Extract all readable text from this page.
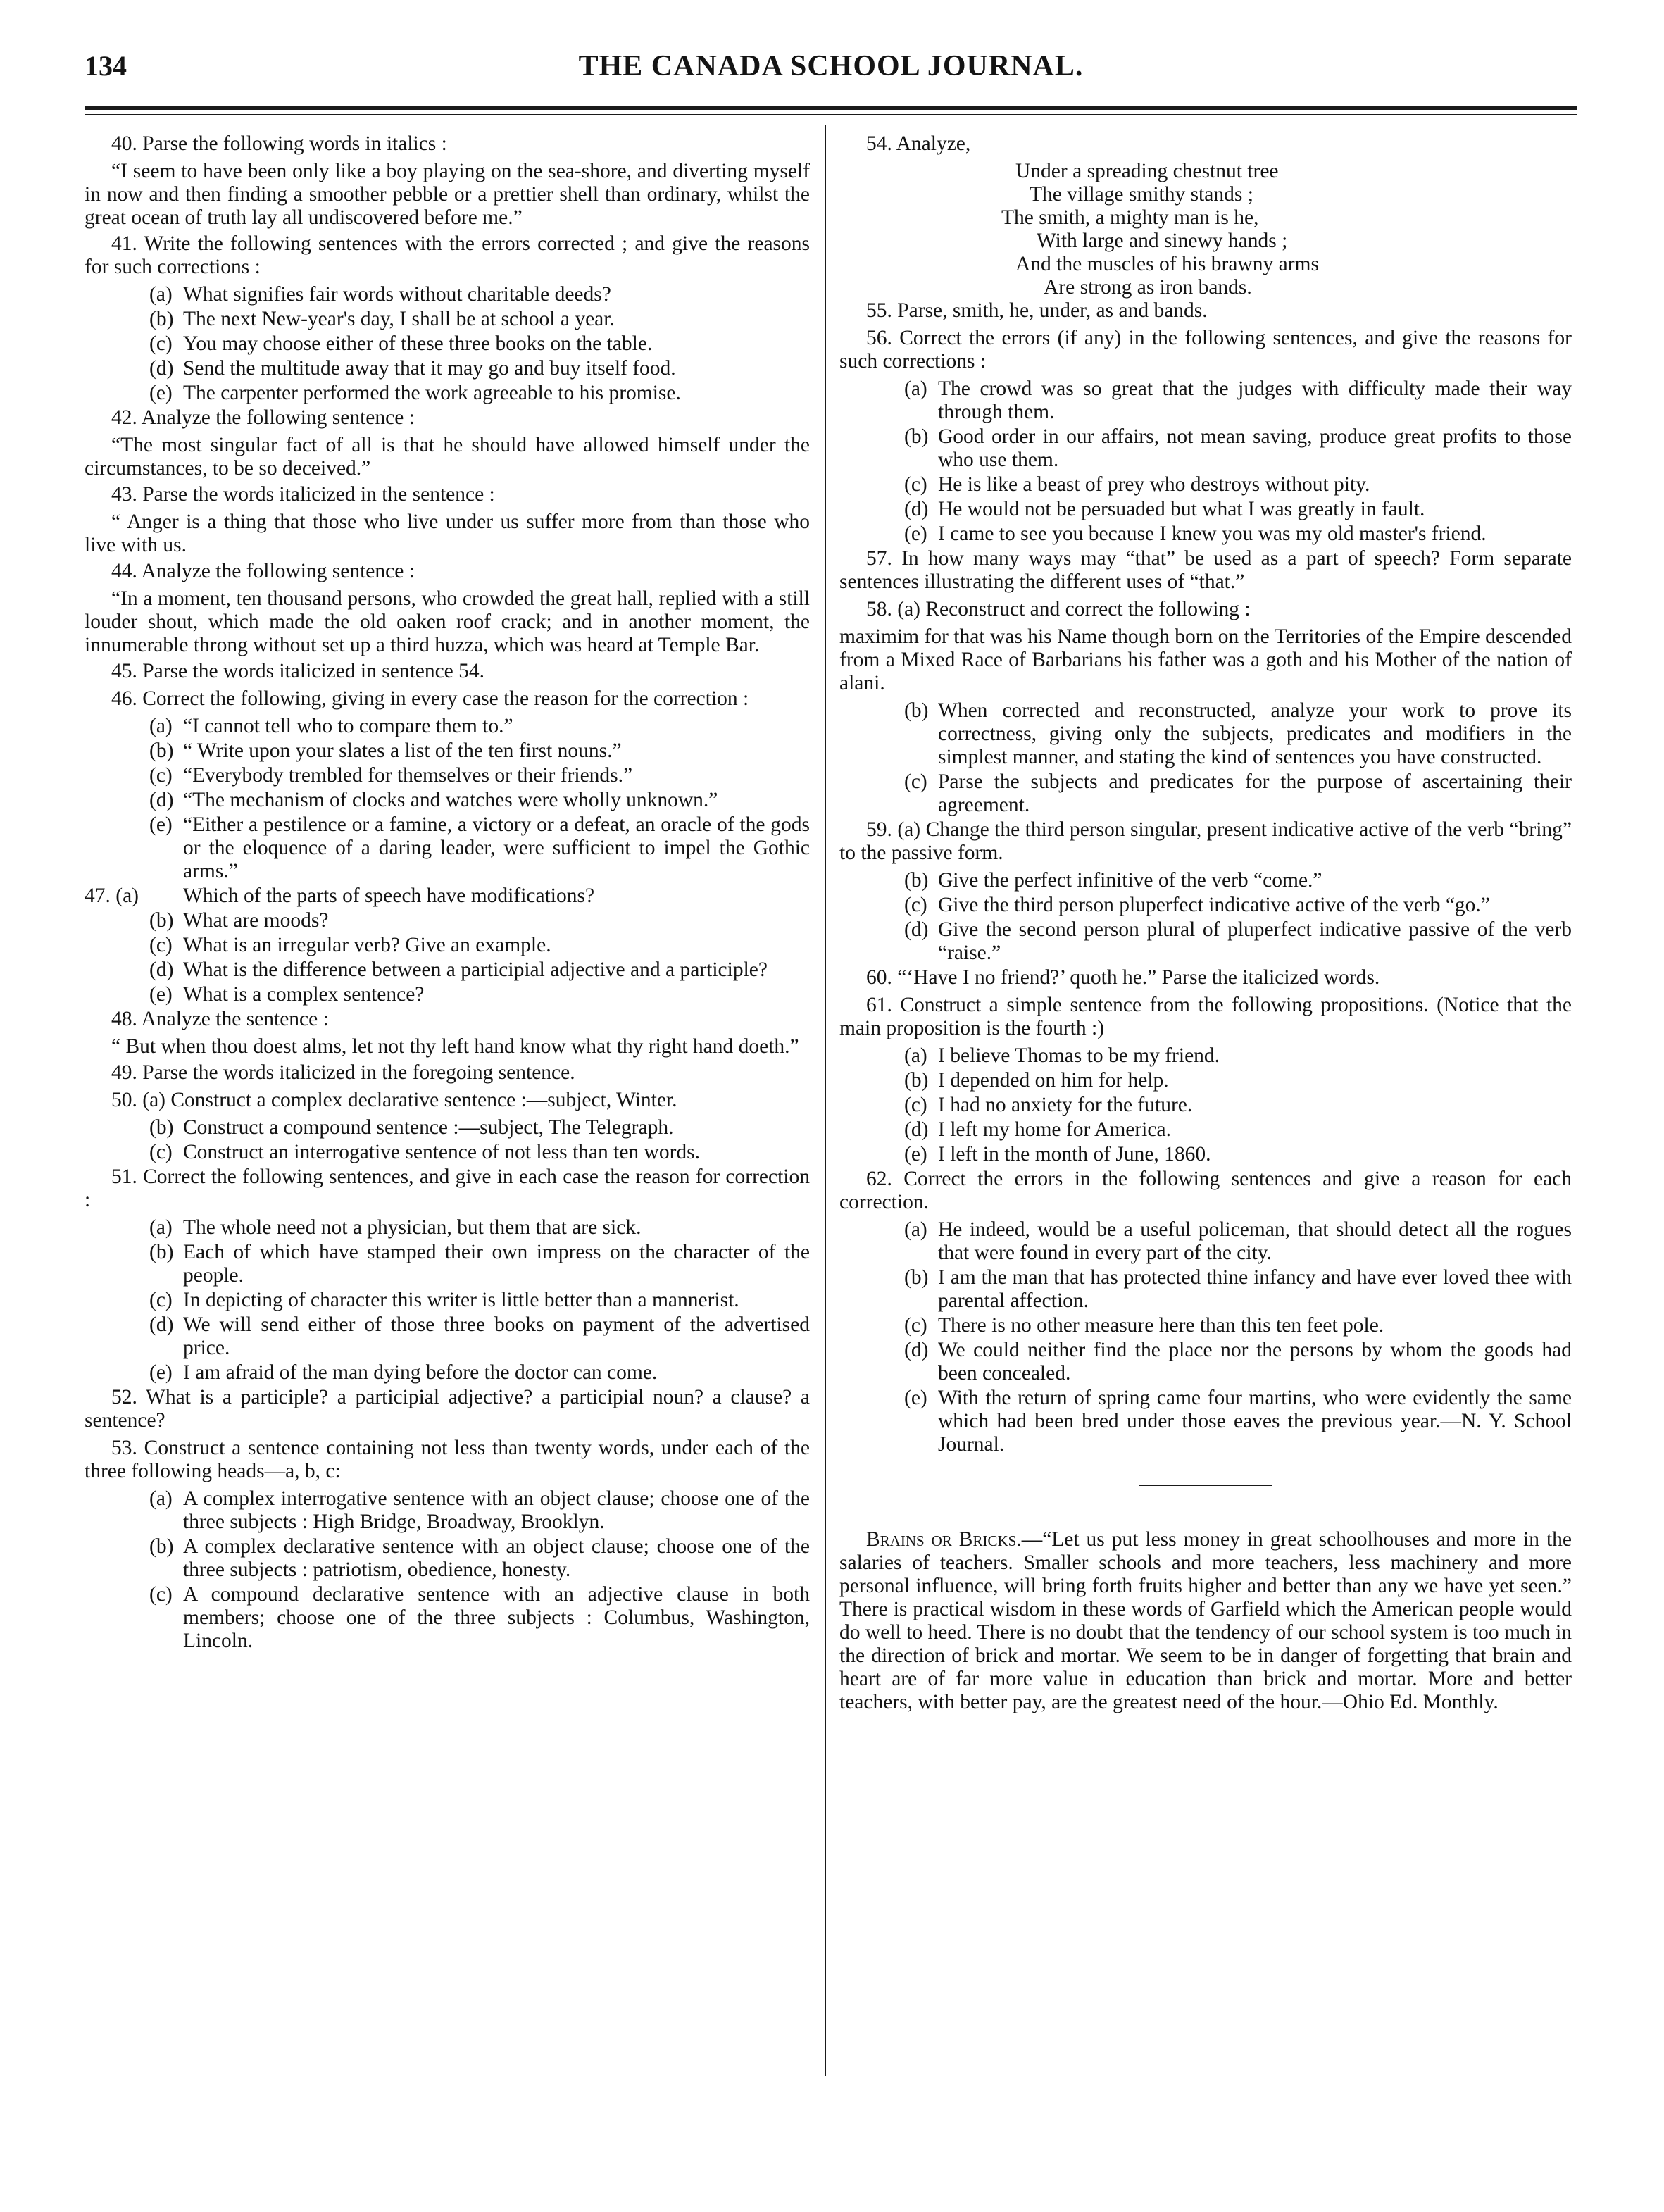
134	THE CANADA SCHOOL JOURNAL.

40. Parse the following words in italics :

“I seem to have been only like a boy playing on the sea-shore, and diverting myself in now and then finding a smoother pebble or a prettier shell than ordinary, whilst the great ocean of truth lay all undiscovered before me.”

41. Write the following sentences with the errors corrected ; and give the reasons for such corrections :

(a) What signifies fair words without charitable deeds?
(b) The next New-year's day, I shall be at school a year.
(c) You may choose either of these three books on the table.
(d) Send the multitude away that it may go and buy itself food.
(e) The carpenter performed the work agreeable to his promise.

42. Analyze the following sentence :

“The most singular fact of all is that he should have allowed himself under the circumstances, to be so deceived.”

43. Parse the words italicized in the sentence :

“ Anger is a thing that those who live under us suffer more from than those who live with us.

44. Analyze the following sentence :

“In a moment, ten thousand persons, who crowded the great hall, replied with a still louder shout, which made the old oaken roof crack; and in another moment, the innumerable throng without set up a third huzza, which was heard at Temple Bar.

45. Parse the words italicized in sentence 54.

46. Correct the following, giving in every case the reason for the correction :

(a) “I cannot tell who to compare them to.”
(b) “ Write upon your slates a list of the ten first nouns.”
(c) “Everybody trembled for themselves or their friends.”
(d) “The mechanism of clocks and watches were wholly unknown.”
(e) “Either a pestilence or a famine, a victory or a defeat, an oracle of the gods or the eloquence of a daring leader, were sufficient to impel the Gothic arms.”
47. (a) Which of the parts of speech have modifications?
(b) What are moods?
(c) What is an irregular verb? Give an example.
(d) What is the difference between a participial adjective and a participle?
(e) What is a complex sentence?

48. Analyze the sentence :

“ But when thou doest alms, let not thy left hand know what thy right hand doeth.”

49. Parse the words italicized in the foregoing sentence.

50. (a) Construct a complex declarative sentence :—subject, Winter.

(b) Construct a compound sentence :—subject, The Telegraph.
(c) Construct an interrogative sentence of not less than ten words.

51. Correct the following sentences, and give in each case the reason for correction :

(a) The whole need not a physician, but them that are sick.
(b) Each of which have stamped their own impress on the character of the people.
(c) In depicting of character this writer is little better than a mannerist.
(d) We will send either of those three books on payment of the advertised price.
(e) I am afraid of the man dying before the doctor can come.

52. What is a participle? a participial adjective? a participial noun? a clause? a sentence?

53. Construct a sentence containing not less than twenty words, under each of the three following heads—a, b, c:

(a) A complex interrogative sentence with an object clause; choose one of the three subjects : High Bridge, Broadway, Brooklyn.
(b) A complex declarative sentence with an object clause; choose one of the three subjects : patriotism, obedience, honesty.
(c) A compound declarative sentence with an adjective clause in both members; choose one of the three subjects : Columbus, Washington, Lincoln.

54. Analyze,

Under a spreading chestnut tree
The village smithy stands ;
The smith, a mighty man is he,
With large and sinewy hands ;
And the muscles of his brawny arms
Are strong as iron bands.

55. Parse, smith, he, under, as and bands.

56. Correct the errors (if any) in the following sentences, and give the reasons for such corrections :

(a) The crowd was so great that the judges with difficulty made their way through them.
(b) Good order in our affairs, not mean saving, produce great profits to those who use them.
(c) He is like a beast of prey who destroys without pity.
(d) He would not be persuaded but what I was greatly in fault.
(e) I came to see you because I knew you was my old master's friend.

57. In how many ways may “that” be used as a part of speech? Form separate sentences illustrating the different uses of “that.”

58. (a) Reconstruct and correct the following :

maximim for that was his Name though born on the Territories of the Empire descended from a Mixed Race of Barbarians his father was a goth and his Mother of the nation of alani.

(b) When corrected and reconstructed, analyze your work to prove its correctness, giving only the subjects, predicates and modifiers in the simplest manner, and stating the kind of sentences you have constructed.
(c) Parse the subjects and predicates for the purpose of ascertaining their agreement.

59. (a) Change the third person singular, present indicative active of the verb “bring” to the passive form.

(b) Give the perfect infinitive of the verb “come.”
(c) Give the third person pluperfect indicative active of the verb “go.”
(d) Give the second person plural of pluperfect indicative passive of the verb “raise.”

60. “‘Have I no friend?’ quoth he.” Parse the italicized words.

61. Construct a simple sentence from the following propositions. (Notice that the main proposition is the fourth :)

(a) I believe Thomas to be my friend.
(b) I depended on him for help.
(c) I had no anxiety for the future.
(d) I left my home for America.
(e) I left in the month of June, 1860.

62. Correct the errors in the following sentences and give a reason for each correction.

(a) He indeed, would be a useful policeman, that should detect all the rogues that were found in every part of the city.
(b) I am the man that has protected thine infancy and have ever loved thee with parental affection.
(c) There is no other measure here than this ten feet pole.
(d) We could neither find the place nor the persons by whom the goods had been concealed.
(e) With the return of spring came four martins, who were evidently the same which had been bred under those eaves the previous year.—N. Y. School Journal.

Brains or Bricks.—“Let us put less money in great schoolhouses and more in the salaries of teachers. Smaller schools and more teachers, less machinery and more personal influence, will bring forth fruits higher and better than any we have yet seen.” There is practical wisdom in these words of Garfield which the American people would do well to heed. There is no doubt that the tendency of our school system is too much in the direction of brick and mortar. We seem to be in danger of forgetting that brain and heart are of far more value in education than brick and mortar. More and better teachers, with better pay, are the greatest need of the hour.—Ohio Ed. Monthly.
